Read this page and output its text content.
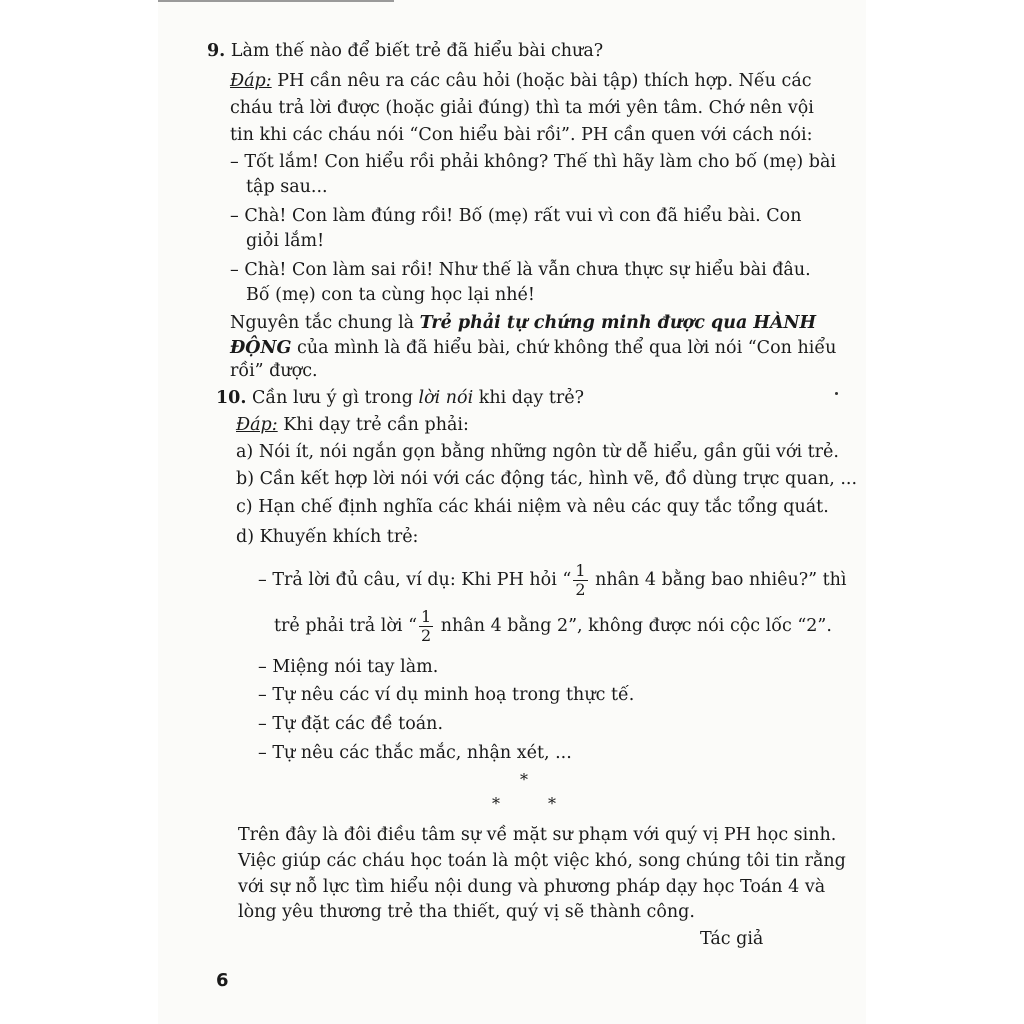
9. Làm thế nào để biết trẻ đã hiểu bài chưa?
Đáp: PH cần nêu ra các câu hỏi (hoặc bài tập) thích hợp. Nếu các
cháu trả lời được (hoặc giải đúng) thì ta mới yên tâm. Chớ nên vội
tin khi các cháu nói “Con hiểu bài rồi”. PH cần quen với cách nói:
– Tốt lắm! Con hiểu rồi phải không? Thế thì hãy làm cho bố (mẹ) bài
tập sau...
– Chà! Con làm đúng rồi! Bố (mẹ) rất vui vì con đã hiểu bài. Con
giỏi lắm!
– Chà! Con làm sai rồi! Như thế là vẫn chưa thực sự hiểu bài đâu.
Bố (mẹ) con ta cùng học lại nhé!
Nguyên tắc chung là Trẻ phải tự chứng minh được qua HÀNH
ĐỘNG của mình là đã hiểu bài, chứ không thể qua lời nói “Con hiểu
rồi” được.
10. Cần lưu ý gì trong lời nói khi dạy trẻ?
Đáp: Khi dạy trẻ cần phải:
a) Nói ít, nói ngắn gọn bằng những ngôn từ dễ hiểu, gần gũi với trẻ.
b) Cần kết hợp lời nói với các động tác, hình vẽ, đồ dùng trực quan, ...
c) Hạn chế định nghĩa các khái niệm và nêu các quy tắc tổng quát.
d) Khuyến khích trẻ:
– Trả lời đủ câu, ví dụ: Khi PH hỏi “ $\frac{1}{2}$ nhân 4 bằng bao nhiêu?” thì
trẻ phải trả lời “ $\frac{1}{2}$ nhân 4 bằng 2”, không được nói cộc lốc “2”.
– Miệng nói tay làm.
– Tự nêu các ví dụ minh hoạ trong thực tế.
– Tự đặt các đề toán.
– Tự nêu các thắc mắc, nhận xét, ...
*
*	*
Trên đây là đôi điều tâm sự về mặt sư phạm với quý vị PH học sinh.
Việc giúp các cháu học toán là một việc khó, song chúng tôi tin rằng
với sự nỗ lực tìm hiểu nội dung và phương pháp dạy học Toán 4 và
lòng yêu thương trẻ tha thiết, quý vị sẽ thành công.
Tác giả
6
